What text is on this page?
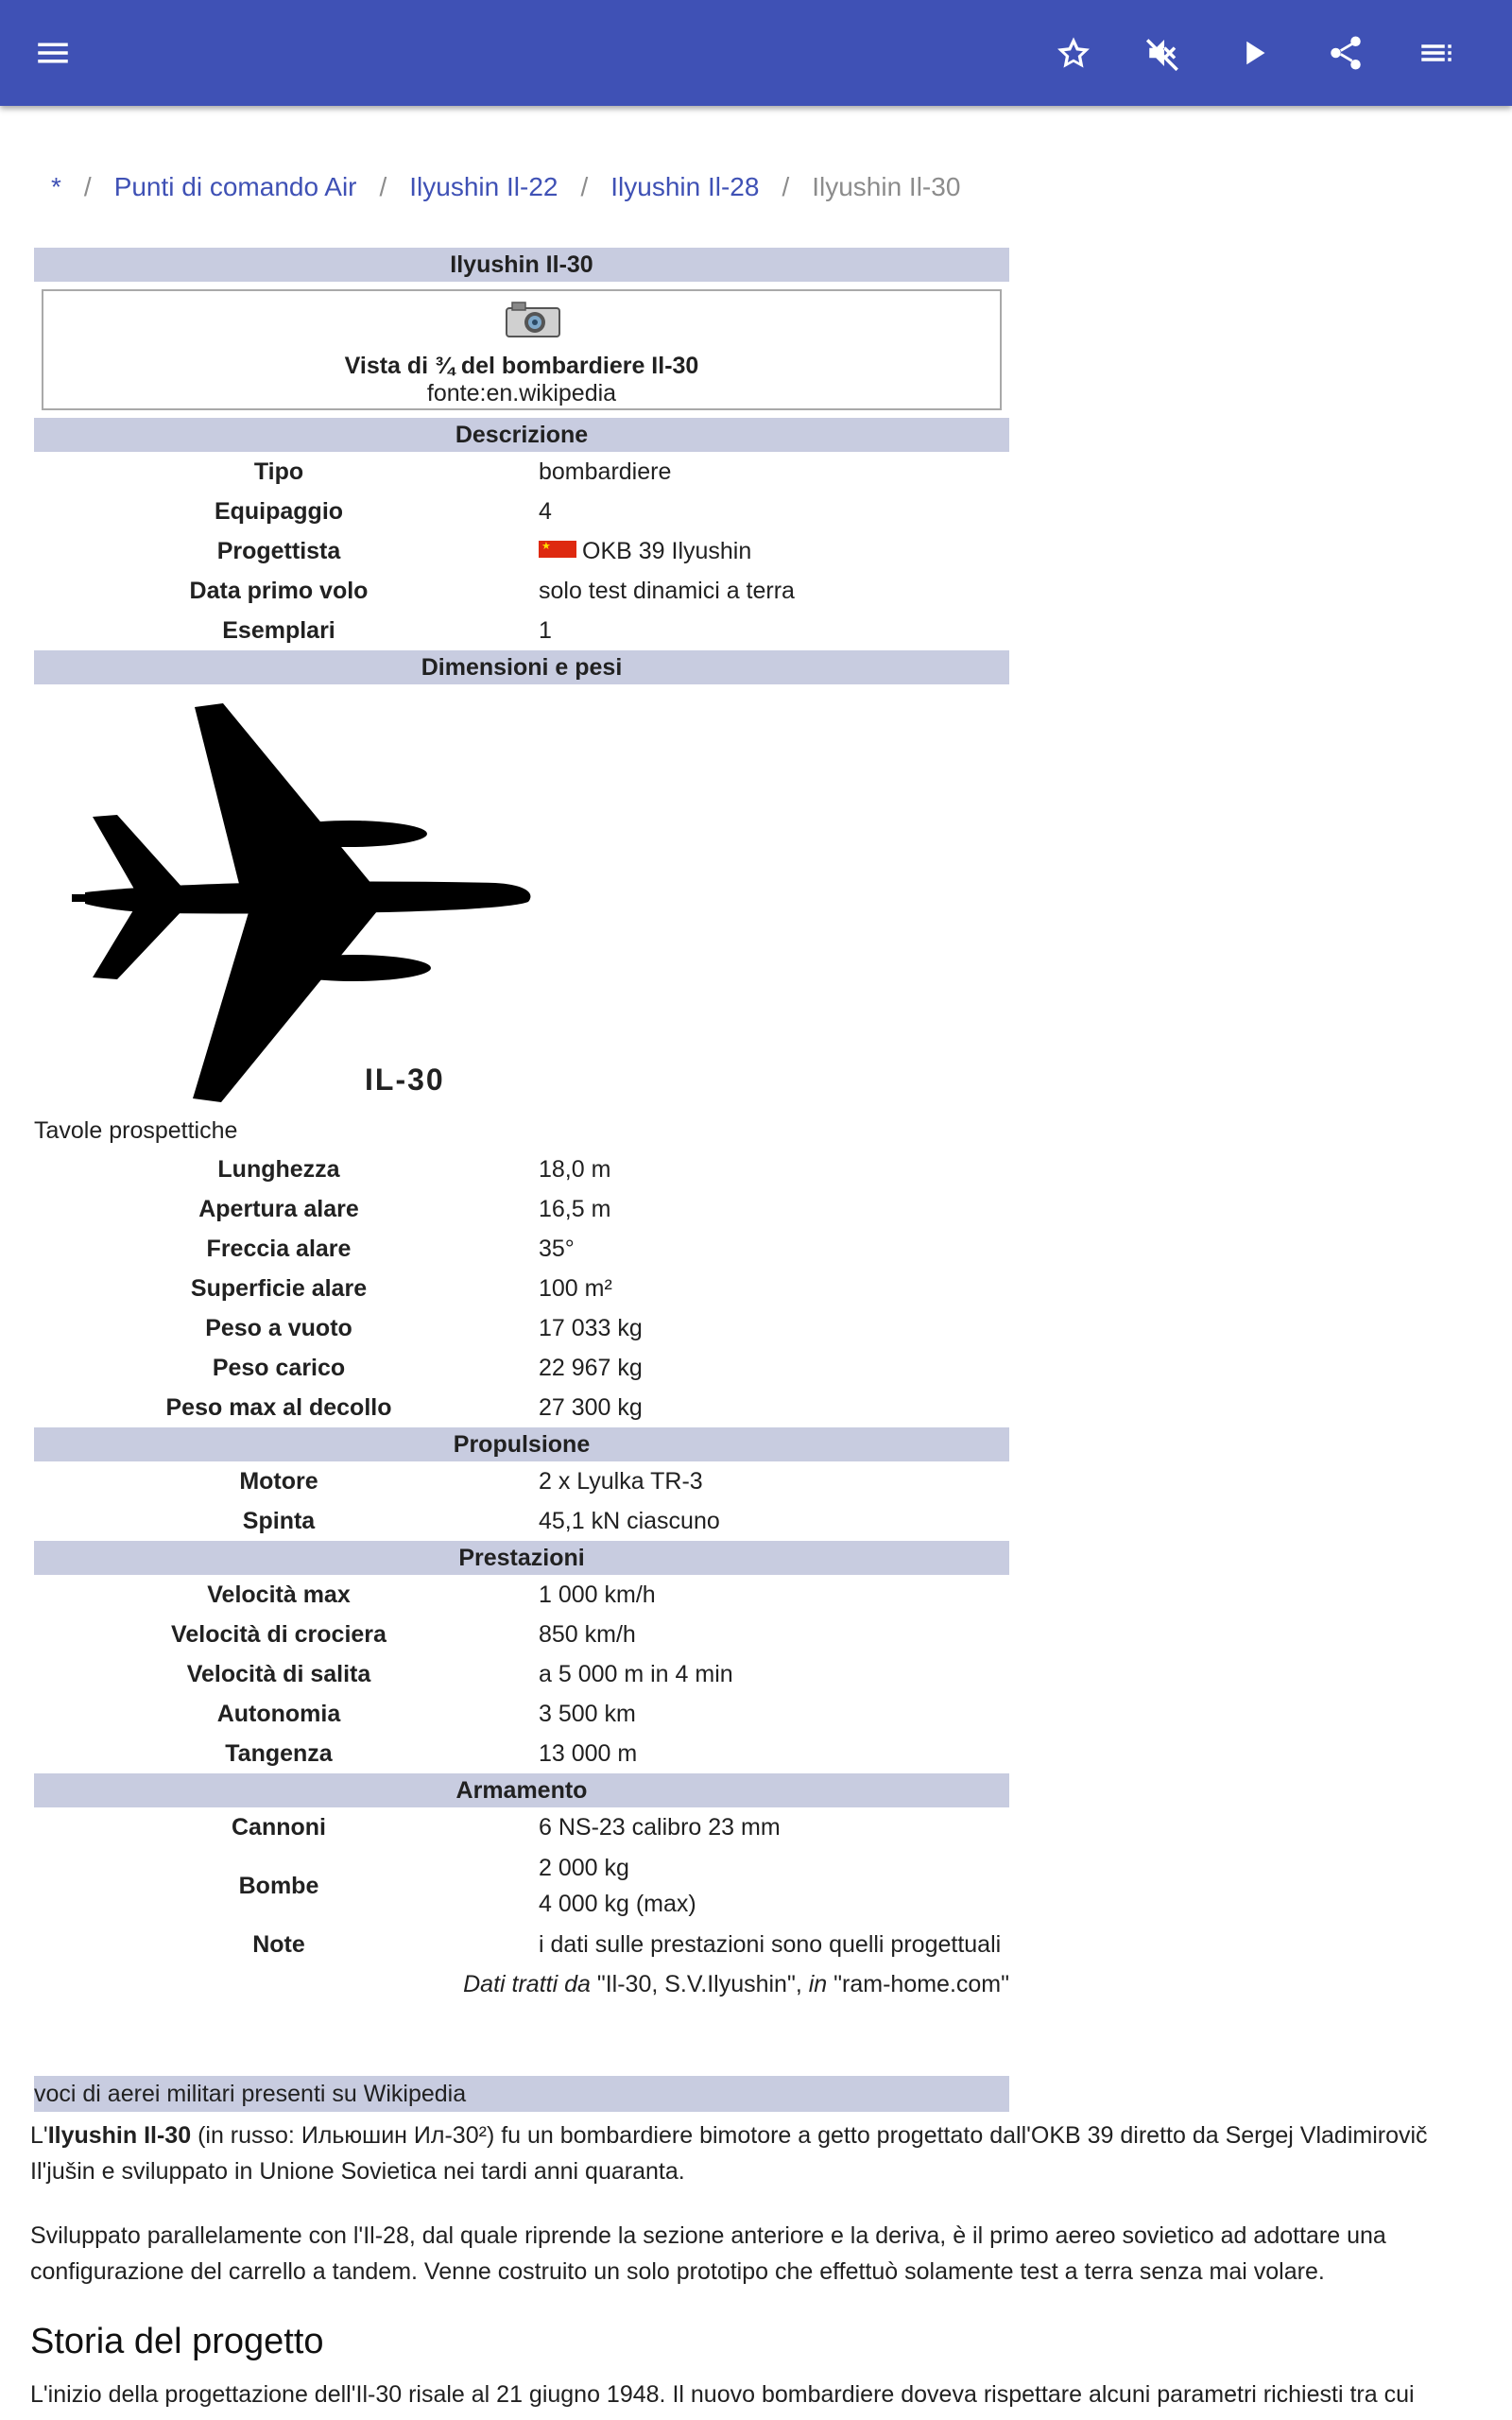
* / Punti di comando Air / Ilyushin Il-22 / Ilyushin Il-28 / Ilyushin Il-30
Ilyushin Il-30
Vista di ¾ del bombardiere Il-30
fonte:en.wikipedia
Descrizione
Tipo	bombardiere
Equipaggio	4
Progettista
★	OKB 39 Ilyushin
Data primo volo	solo test dinamici a terra
Esemplari	1
Dimensioni e pesi
IL-30
Tavole prospettiche
Lunghezza	18,0 m
Apertura alare	16,5 m
Freccia alare	35°
Superficie alare	100 m²
Peso a vuoto	17 033 kg
Peso carico	22 967 kg
Peso max al decollo	27 300 kg
Propulsione
Motore	2 x Lyulka TR-3
Spinta	45,1 kN ciascuno
Prestazioni
Velocità max	1 000 km/h
Velocità di crociera	850 km/h
Velocità di salita	a 5 000 m in 4 min
Autonomia	3 500 km
Tangenza	13 000 m
Armamento
Cannoni	6 NS-23 calibro 23 mm
Bombe
2 000 kg
4 000 kg (max)
Note	i dati sulle prestazioni sono quelli progettuali
Dati tratti da "Il-30, S.V.Ilyushin", in "ram-home.com"
voci di aerei militari presenti su Wikipedia
L'Ilyushin Il-30 (in russo: Ильюшин Ил-30²) fu un bombardiere bimotore a getto progettato dall'OKB 39 diretto da Sergej Vladimirovič Il'jušin e sviluppato in Unione Sovietica nei tardi anni quaranta.
Sviluppato parallelamente con l'Il-28, dal quale riprende la sezione anteriore e la deriva, è il primo aereo sovietico ad adottare una configurazione del carrello a tandem. Venne costruito un solo prototipo che effettuò solamente test a terra senza mai volare.
Storia del progetto
L'inizio della progettazione dell'Il-30 risale al 21 giugno 1948. Il nuovo bombardiere doveva rispettare alcuni parametri richiesti tra cui
